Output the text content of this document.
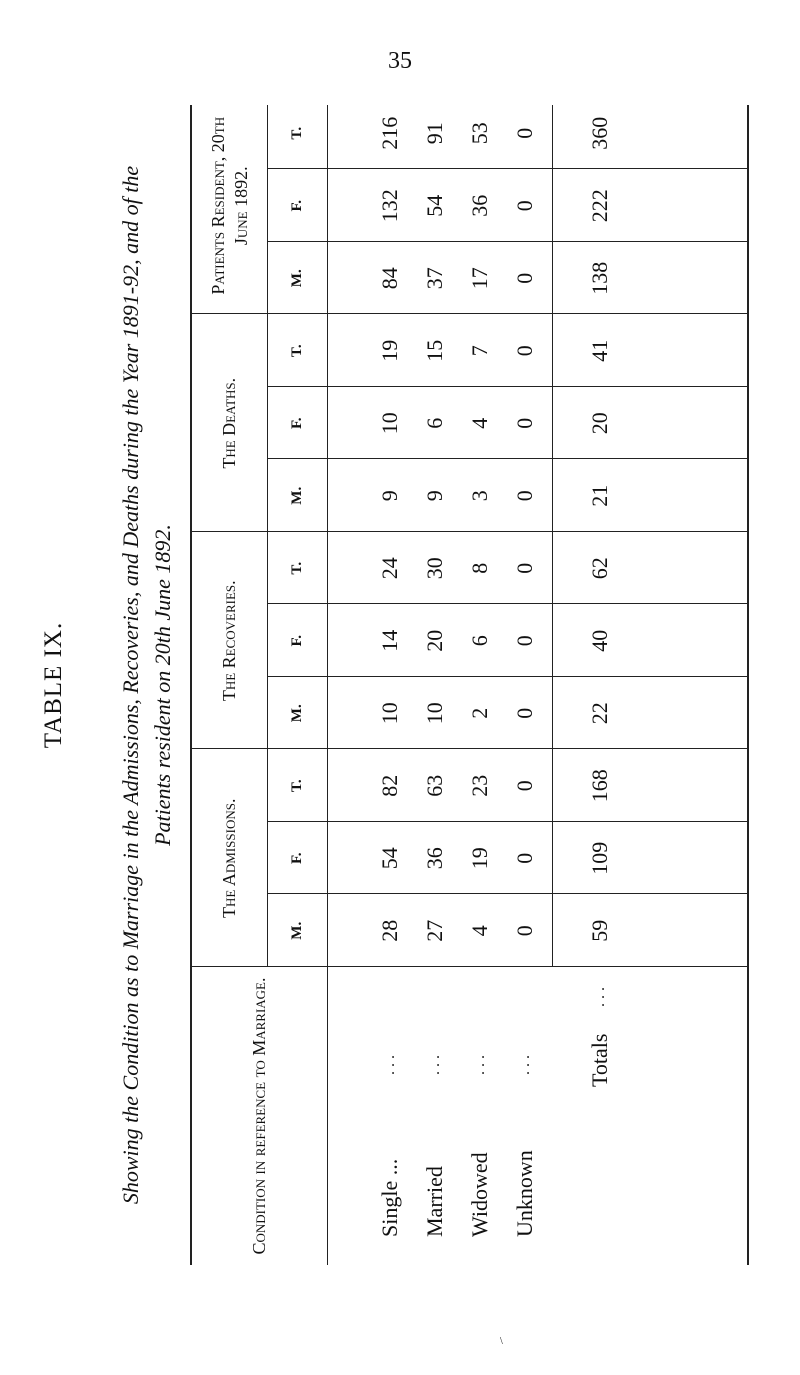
35
TABLE IX. Showing the Condition as to Marriage in the Admissions, Recoveries, and Deaths during the Year 1891-92, and of the Patients resident on 20th June 1892.
Condition in reference to Marriage.
The Admissions.
M.
F.
T.
The Recoveries.
M.
F.
T.
The Deaths.
M.
F.
T.
Patients Resident, 20th June 1892.
M.
F.
T.
Single ...
...
28
54
82
10
14
24
9
10
19
84
132
216
Married
...
27
36
63
10
20
30
9
6
15
37
54
91
Widowed
...
4
19
23
2
6
8
3
4
7
17
36
53
Unknown
...
0
0
0
0
0
0
0
0
0
0
0
0
Totals
...
59
109
168
22
40
62
21
20
41
138
222
360
\
